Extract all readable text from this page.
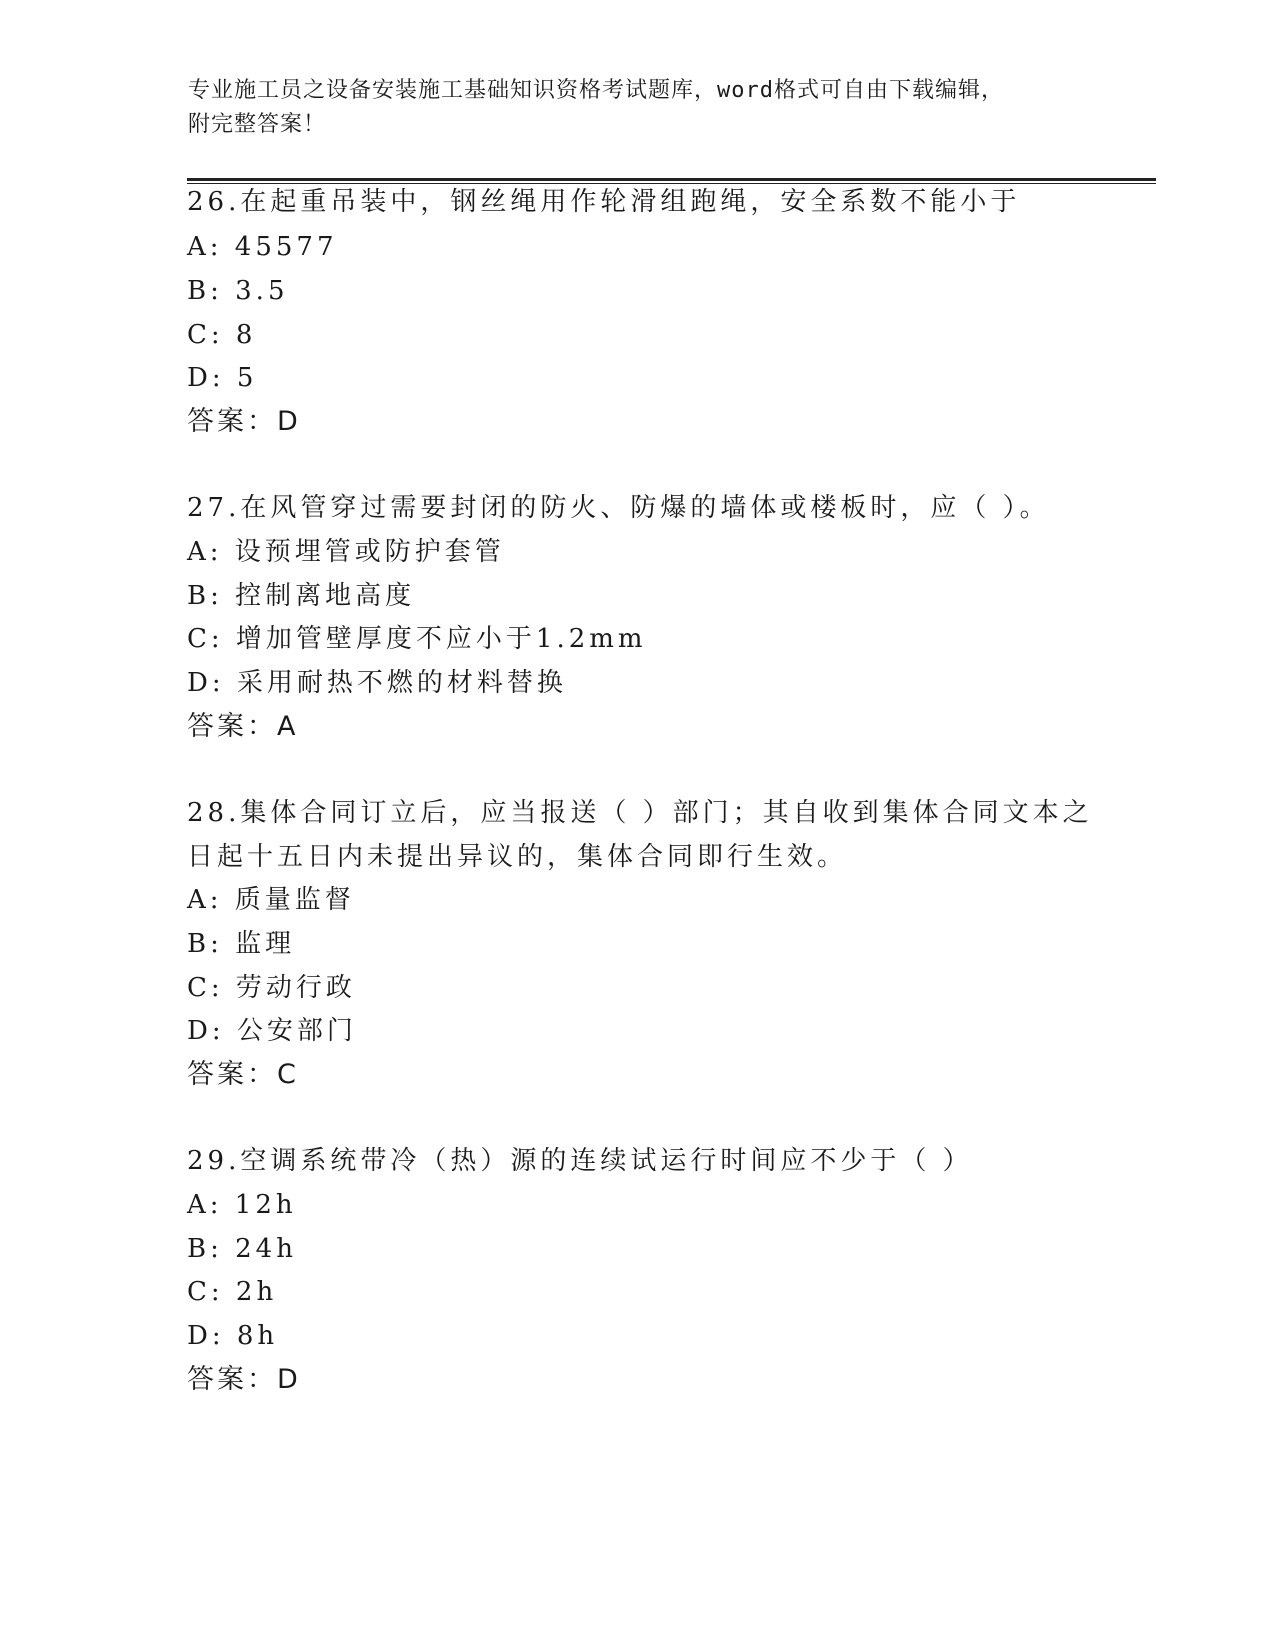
专业施工员之设备安装施工基础知识资格考试题库，word格式可自由下载编辑，
附完整答案！
26.在起重吊装中，钢丝绳用作轮滑组跑绳，安全系数不能小于
A: 45577
B: 3.5
C: 8
D: 5
答案：D
27.在风管穿过需要封闭的防火、防爆的墙体或楼板时，应（ ）。
A: 设预埋管或防护套管
B: 控制离地高度
C: 增加管壁厚度不应小于1.2mm
D: 采用耐热不燃的材料替换
答案：A
28.集体合同订立后，应当报送（ ）部门；其自收到集体合同文本之
日起十五日内未提出异议的，集体合同即行生效。
A: 质量监督
B: 监理
C: 劳动行政
D: 公安部门
答案：C
29.空调系统带冷（热）源的连续试运行时间应不少于（ ）
A: 12h
B: 24h
C: 2h
D: 8h
答案：D
